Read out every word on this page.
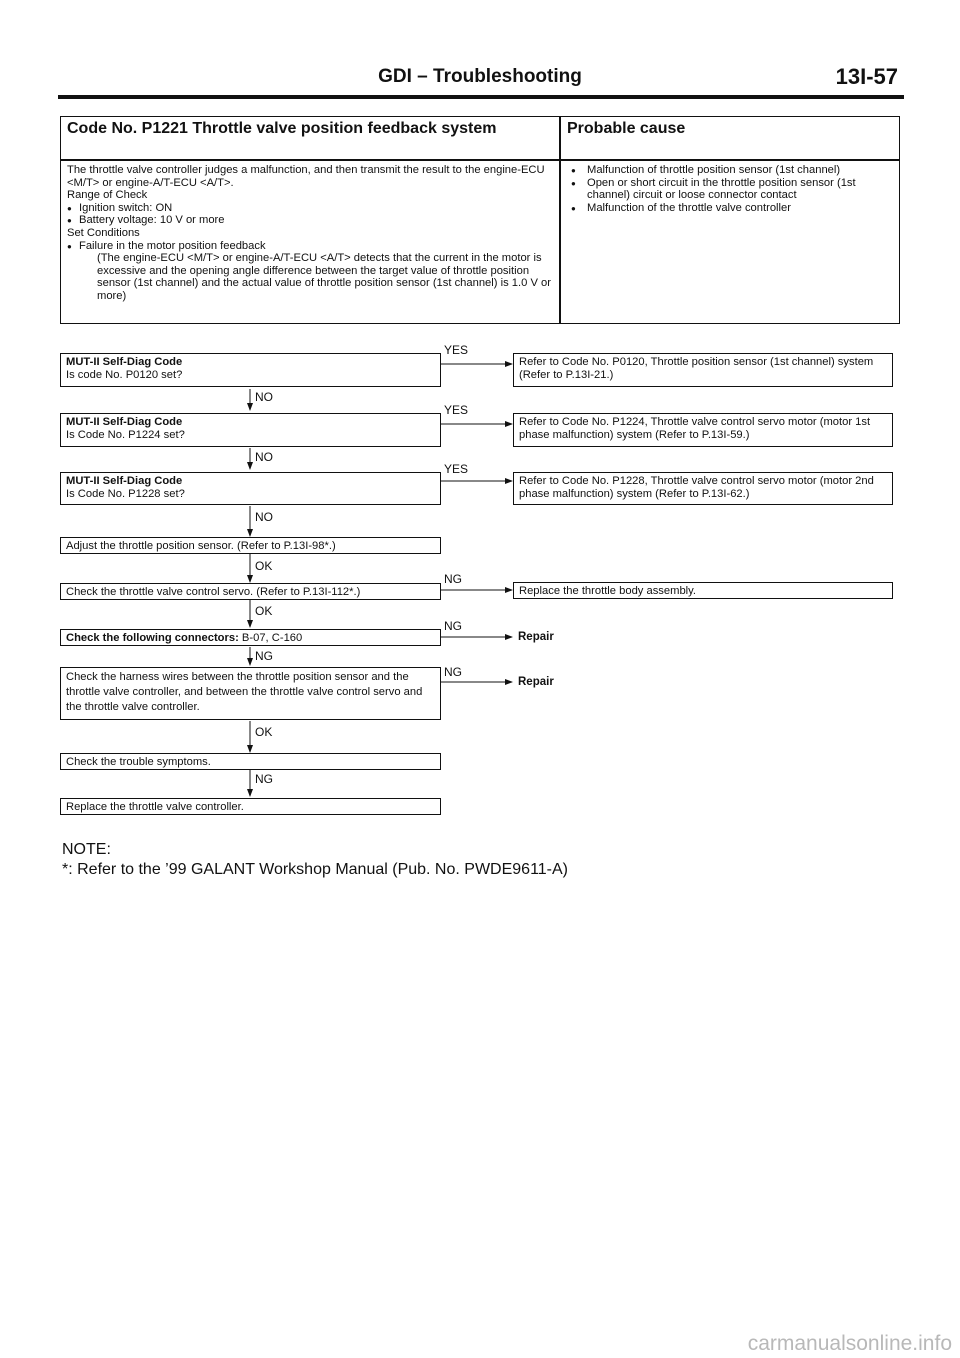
GDI – Troubleshooting	13I-57
Code No. P1221 Throttle valve position feedback system	Probable cause
The throttle valve controller judges a malfunction, and then transmit the result to the engine-ECU <M/T> or engine-A/T-ECU <A/T>.
Range of Check
● Ignition switch: ON
● Battery voltage: 10 V or more
Set Conditions
● Failure in the motor position feedback
(The engine-ECU <M/T> or engine-A/T-ECU <A/T> detects that the current in the motor is excessive and the opening angle difference between the target value of throttle position sensor (1st channel) and the actual value of throttle position sensor (1st channel) is 1.0 V or more)
● Malfunction of throttle position sensor (1st channel)
● Open or short circuit in the throttle position sensor (1st channel) circuit or loose connector contact
● Malfunction of the throttle valve controller
MUT-II Self-Diag Code
Is code No. P0120 set?
MUT-II Self-Diag Code
Is Code No. P1224 set?
MUT-II Self-Diag Code
Is Code No. P1228 set?
Adjust the throttle position sensor. (Refer to P.13I-98*.)
Check the throttle valve control servo. (Refer to P.13I-112*.)
Check the following connectors: B-07, C-160
Check the harness wires between the throttle position sensor and the throttle valve controller, and between the throttle valve control servo and the throttle valve controller.
Check the trouble symptoms.
Replace the throttle valve controller.
Refer to Code No. P0120, Throttle position sensor (1st channel) system (Refer to P.13I-21.)
Refer to Code No. P1224, Throttle valve control servo motor (motor 1st phase malfunction) system (Refer to P.13I-59.)
Refer to Code No. P1228, Throttle valve control servo motor (motor 2nd phase malfunction) system (Refer to P.13I-62.)
Replace the throttle body assembly.
Repair
Repair
YES
NO
YES
NO
YES
NO
OK
NG
OK
NG
NG
NG
OK
NG
NOTE:
*: Refer to the ’99 GALANT Workshop Manual (Pub. No. PWDE9611-A)
carmanualsonline.info
